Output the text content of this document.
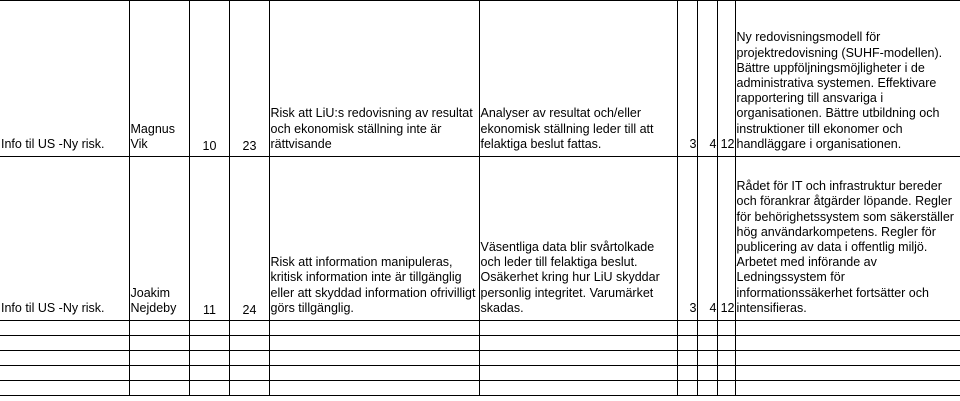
Info til US -Ny risk.	Magnus Vik	10	23	Risk att LiU:s redovisning av resultat och ekonomisk ställning inte är rättvisande	Analyser av resultat och/eller ekonomisk ställning leder till att felaktiga beslut fattas.	3	4	12	Ny redovisningsmodell för projektredovisning (SUHF-modellen). Bättre uppföljningsmöjligheter i de administrativa systemen. Effektivare rapportering till ansvariga i organisationen. Bättre utbildning och instruktioner till ekonomer och handläggare i organisationen.
Info til US -Ny risk.	Joakim Nejdeby	11	24	Risk att information manipuleras, kritisk information inte är tillgänglig eller att skyddad information ofrivilligt görs tillgänglig.	Väsentliga data blir svårtolkade och leder till felaktiga beslut. Osäkerhet kring hur LiU skyddar personlig integritet. Varumärket skadas.	3	4	12	Rådet för IT och infrastruktur bereder och förankrar åtgärder löpande. Regler för behörighetssystem som säkerställer hög användarkompetens. Regler för publicering av data i offentlig miljö. Arbetet med införande av Ledningssystem för informationssäkerhet fortsätter och intensifieras.
